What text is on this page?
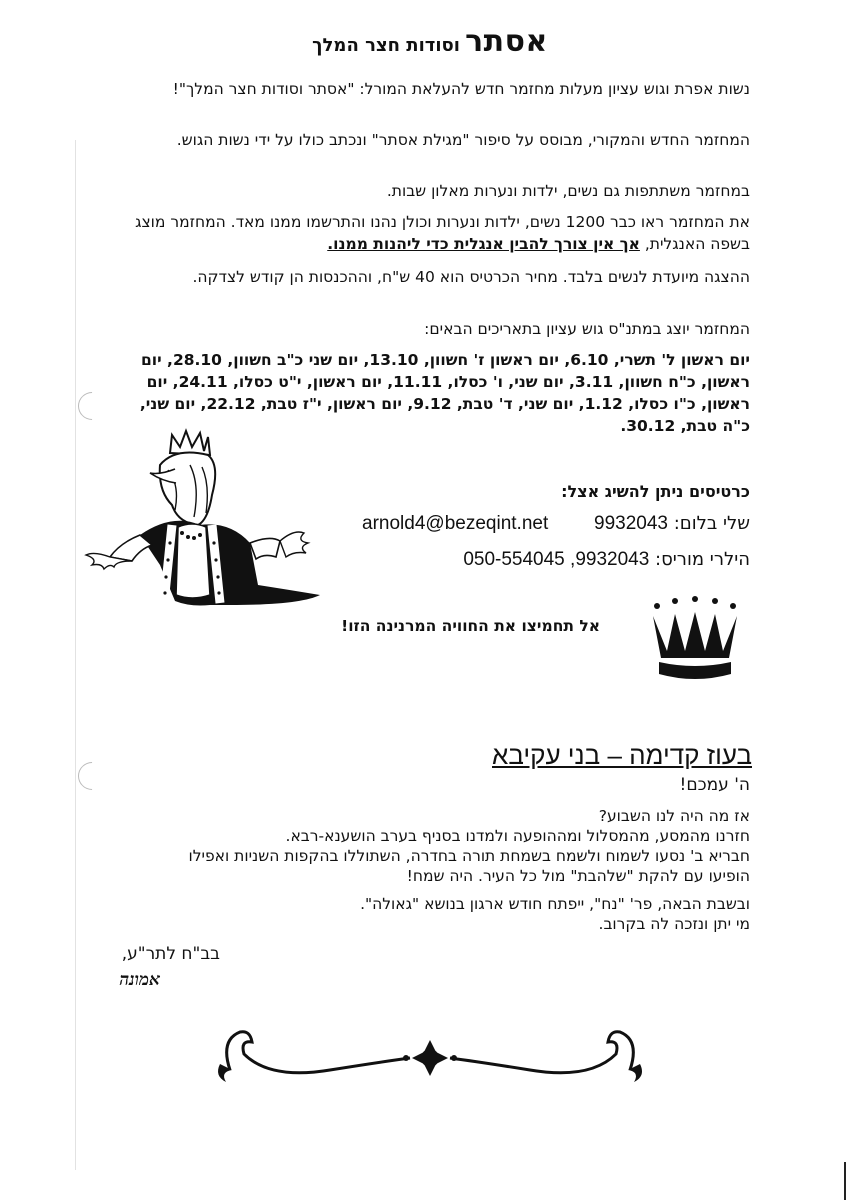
אסתר וסודות חצר המלך
נשות אפרת וגוש עציון מעלות מחזמר חדש להעלאת המורל: "אסתר וסודות חצר המלך"!
המחזמר החדש והמקורי, מבוסס על סיפור "מגילת אסתר" ונכתב כולו על ידי נשות הגוש.
במחזמר משתתפות גם נשים, ילדות ונערות מאלון שבות.
את המחזמר ראו כבר 1200 נשים, ילדות ונערות וכולן נהנו והתרשמו ממנו מאד. המחזמר מוצג בשפה האנגלית, אך אין צורך להבין אנגלית כדי ליהנות ממנו.
ההצגה מיועדת לנשים בלבד. מחיר הכרטיס הוא 40 ש"ח, וההכנסות הן קודש לצדקה.
המחזמר יוצג במתנ"ס גוש עציון בתאריכים הבאים:
יום ראשון ל' תשרי, 6.10, יום ראשון ז' חשוון, 13.10, יום שני כ"ב חשוון, 28.10, יום ראשון, כ"ח חשוון, 3.11, יום שני, ו' כסלו, 11.11, יום ראשון, י"ט כסלו, 24.11, יום ראשון, כ"ו כסלו, 1.12, יום שני, ד' טבת, 9.12, יום ראשון, י"ז טבת, 22.12, יום שני, כ"ה טבת, 30.12.
כרטיסים ניתן להשיג אצל:
שלי בלום: 9932043        arnold4@bezeqint.net
הילרי מוריס: 9932043, 050-554045
אל תחמיצו את החוויה המרנינה הזו!
בעוז קדימה – בני עקיבא
ה' עמכם!
אז מה היה לנו השבוע?
חזרנו מהמסע, מהמסלול ומההופעה ולמדנו בסניף בערב הושענא-רבא.
חבריא ב' נסעו לשמוח ולשמח בשמחת תורה בחדרה, השתוללו בהקפות השניות ואפילו הופיעו עם להקת "שלהבת" מול כל העיר. היה שמח!
ובשבת הבאה, פר' "נח", ייפתח חודש ארגון בנושא "גאולה".
מי יתן ונזכה לה בקרוב.
בב"ח לתר"ע,
אמונה
